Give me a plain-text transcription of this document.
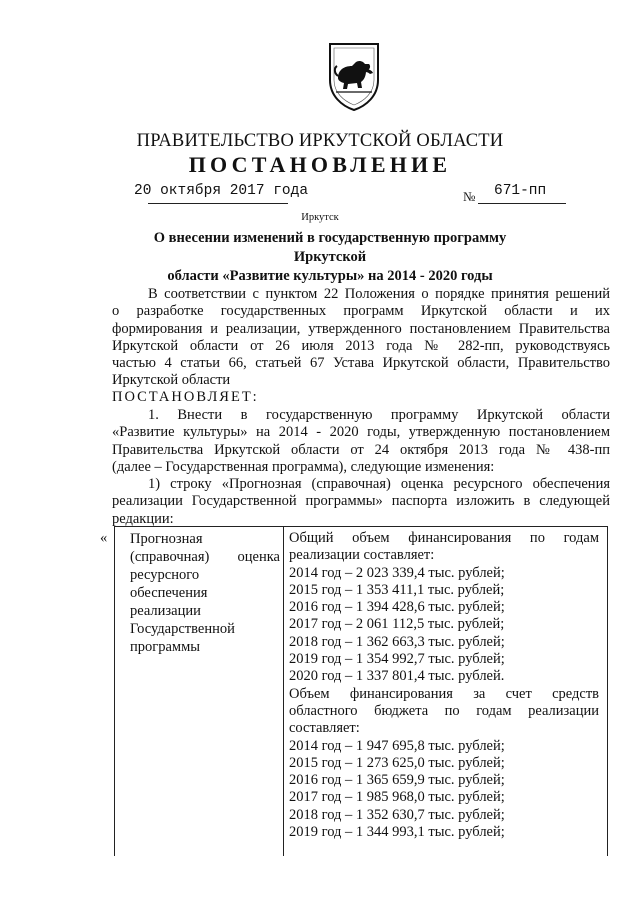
ПРАВИТЕЛЬСТВО ИРКУТСКОЙ ОБЛАСТИ
ПОСТАНОВЛЕНИЕ
20 октября 2017 года	№ 671-пп
Иркутск
О внесении изменений в государственную программу Иркутской
области «Развитие культуры» на 2014 - 2020 годы
В соответствии с пунктом 22 Положения о порядке принятия решений
о разработке государственных программ Иркутской области и их
формирования и реализации, утвержденного постановлением Правительства
Иркутской области от 26 июля 2013 года № 282-пп, руководствуясь
частью 4 статьи 66, статьей 67 Устава Иркутской области, Правительство
Иркутской области
ПОСТАНОВЛЯЕТ:
1. Внести в государственную программу Иркутской области
«Развитие культуры» на 2014 - 2020 годы, утвержденную постановлением
Правительства Иркутской области от 24 октября 2013 года № 438-пп
(далее – Государственная программа), следующие изменения:
1) строку «Прогнозная (справочная) оценка ресурсного обеспечения
реализации Государственной программы» паспорта изложить в следующей
редакции:
« Прогнозная
(справочная) оценка
ресурсного
обеспечения
реализации
Государственной
программы
Общий объем финансирования по годам
реализации составляет:
2014 год – 2 023 339,4 тыс. рублей;
2015 год – 1 353 411,1 тыс. рублей;
2016 год – 1 394 428,6 тыс. рублей;
2017 год – 2 061 112,5 тыс. рублей;
2018 год – 1 362 663,3 тыс. рублей;
2019 год – 1 354 992,7 тыс. рублей;
2020 год – 1 337 801,4 тыс. рублей.
Объем финансирования за счет средств
областного бюджета по годам реализации
составляет:
2014 год – 1 947 695,8 тыс. рублей;
2015 год – 1 273 625,0 тыс. рублей;
2016 год – 1 365 659,9 тыс. рублей;
2017 год – 1 985 968,0 тыс. рублей;
2018 год – 1 352 630,7 тыс. рублей;
2019 год – 1 344 993,1 тыс. рублей;
